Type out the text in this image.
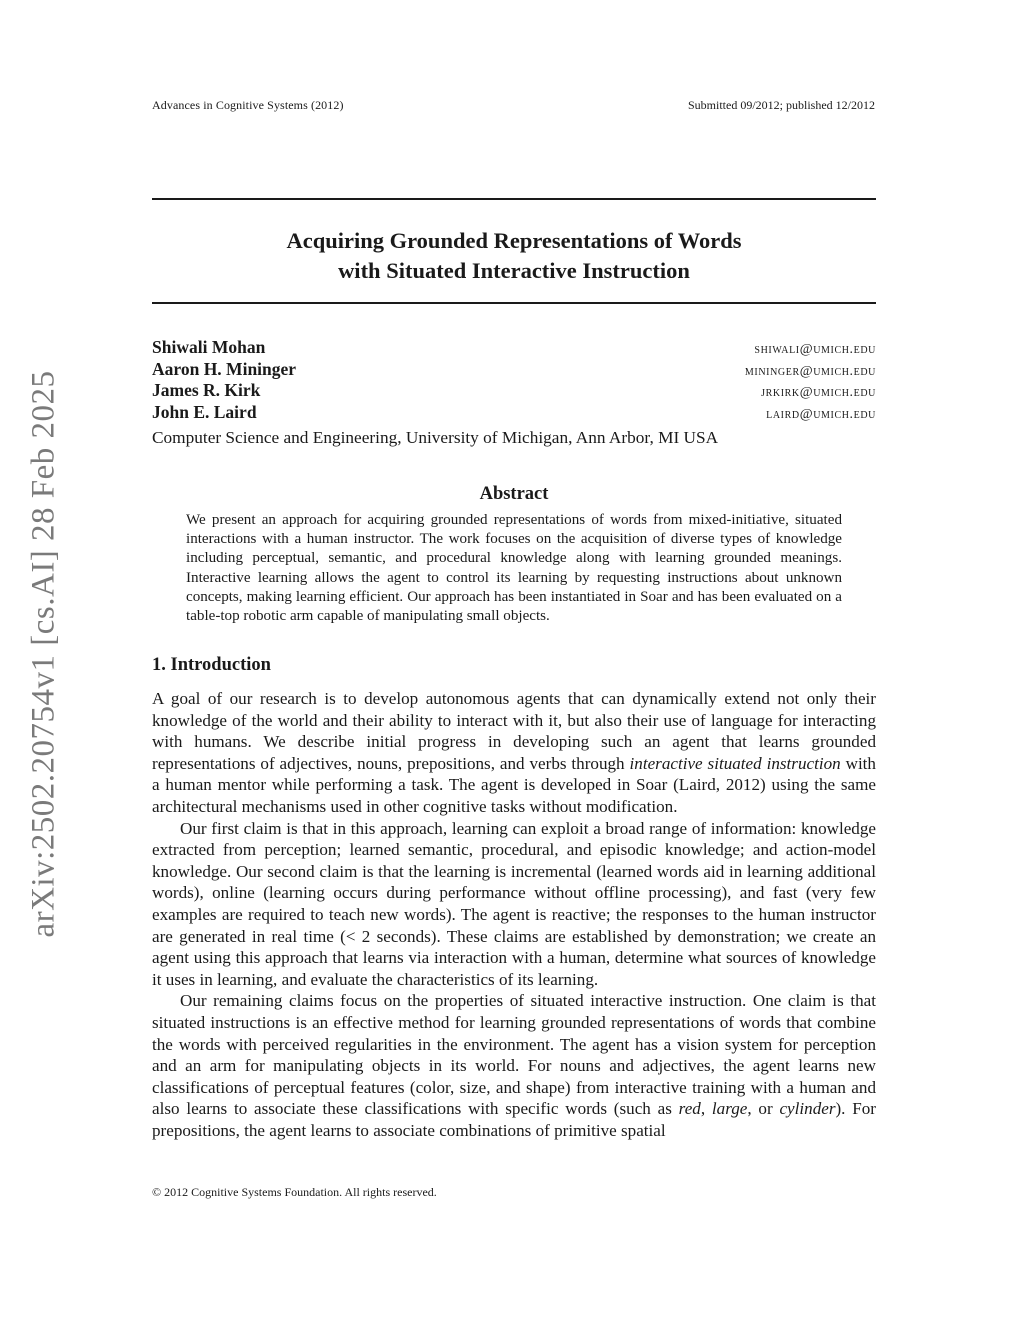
Advances in Cognitive Systems (2012)	Submitted 09/2012; published 12/2012
Acquiring Grounded Representations of Words
with Situated Interactive Instruction
Shiwali Mohan	shiwali@umich.edu
Aaron H. Mininger	mininger@umich.edu
James R. Kirk	jrkirk@umich.edu
John E. Laird	laird@umich.edu
Computer Science and Engineering, University of Michigan, Ann Arbor, MI USA
Abstract
We present an approach for acquiring grounded representations of words from mixed-initiative, situated interactions with a human instructor. The work focuses on the acquisition of diverse types of knowledge including perceptual, semantic, and procedural knowledge along with learning grounded meanings. Interactive learning allows the agent to control its learning by requesting instructions about unknown concepts, making learning efficient. Our approach has been instantiated in Soar and has been evaluated on a table-top robotic arm capable of manipulating small objects.
1. Introduction

A goal of our research is to develop autonomous agents that can dynamically extend not only their knowledge of the world and their ability to interact with it, but also their use of language for interacting with humans. We describe initial progress in developing such an agent that learns grounded representations of adjectives, nouns, prepositions, and verbs through interactive situated instruction with a human mentor while performing a task. The agent is developed in Soar (Laird, 2012) using the same architectural mechanisms used in other cognitive tasks without modification.

Our first claim is that in this approach, learning can exploit a broad range of information: knowledge extracted from perception; learned semantic, procedural, and episodic knowledge; and action-model knowledge. Our second claim is that the learning is incremental (learned words aid in learning additional words), online (learning occurs during performance without offline processing), and fast (very few examples are required to teach new words). The agent is reactive; the responses to the human instructor are generated in real time (< 2 seconds). These claims are established by demonstration; we create an agent using this approach that learns via interaction with a human, determine what sources of knowledge it uses in learning, and evaluate the characteristics of its learning.

Our remaining claims focus on the properties of situated interactive instruction. One claim is that situated instructions is an effective method for learning grounded representations of words that combine the words with perceived regularities in the environment. The agent has a vision system for perception and an arm for manipulating objects in its world. For nouns and adjectives, the agent learns new classifications of perceptual features (color, size, and shape) from interactive training with a human and also learns to associate these classifications with specific words (such as red, large, or cylinder). For prepositions, the agent learns to associate combinations of primitive spatial

© 2012 Cognitive Systems Foundation. All rights reserved.
arXiv:2502.20754v1 [cs.AI] 28 Feb 2025
